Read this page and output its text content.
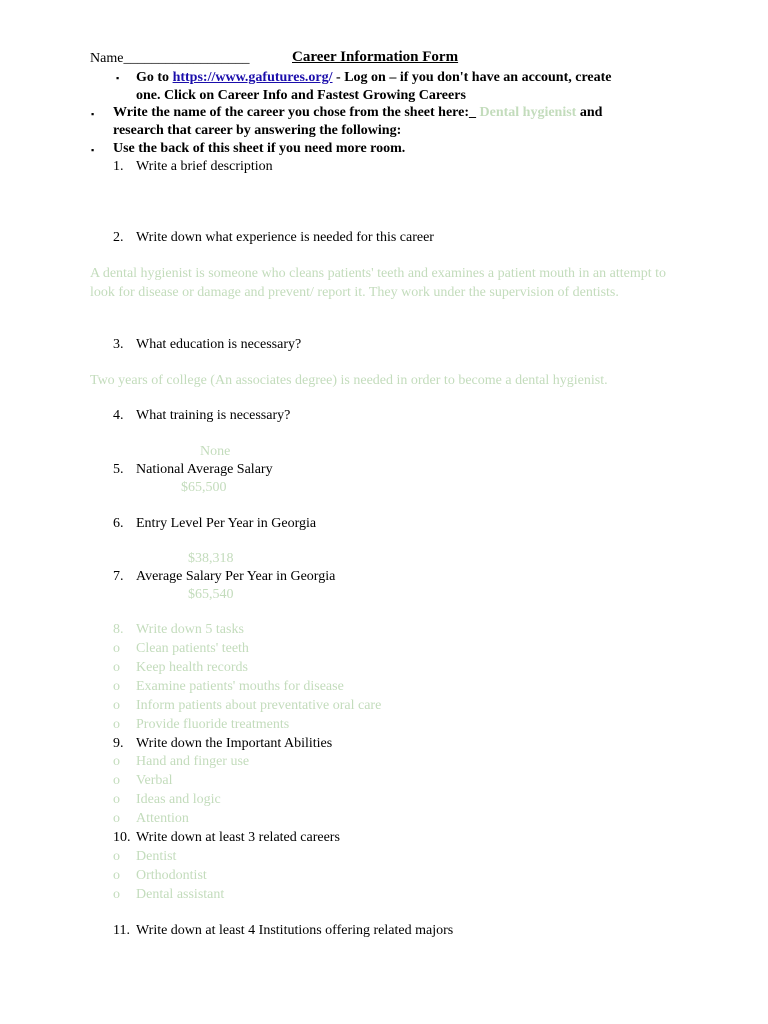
Name__________________	Career Information Form
▪ Go to https://www.gafutures.org/ - Log on – if you don't have an account, create
one. Click on Career Info and Fastest Growing Careers
▪ Write the name of the career you chose from the sheet here:_ Dental hygienist and
research that career by answering the following:
▪ Use the back of this sheet if you need more room.
1. Write a brief description
2. Write down what experience is needed for this career
A dental hygienist is someone who cleans patients' teeth and examines a patient mouth in an attempt to look for disease or damage and prevent/ report it. They work under the supervision of dentists.
3. What education is necessary?
Two years of college (An associates degree) is needed in order to become a dental hygienist.
4. What training is necessary?
None
5. National Average Salary
$65,500
6. Entry Level Per Year in Georgia
$38,318
7. Average Salary Per Year in Georgia
$65,540
8. Write down 5 tasks
o Clean patients' teeth
o Keep health records
o Examine patients' mouths for disease
o Inform patients about preventative oral care
o Provide fluoride treatments
9. Write down the Important Abilities
o Hand and finger use
o Verbal
o Ideas and logic
o Attention
10. Write down at least 3 related careers
o Dentist
o Orthodontist
o Dental assistant
11. Write down at least 4 Institutions offering related majors
